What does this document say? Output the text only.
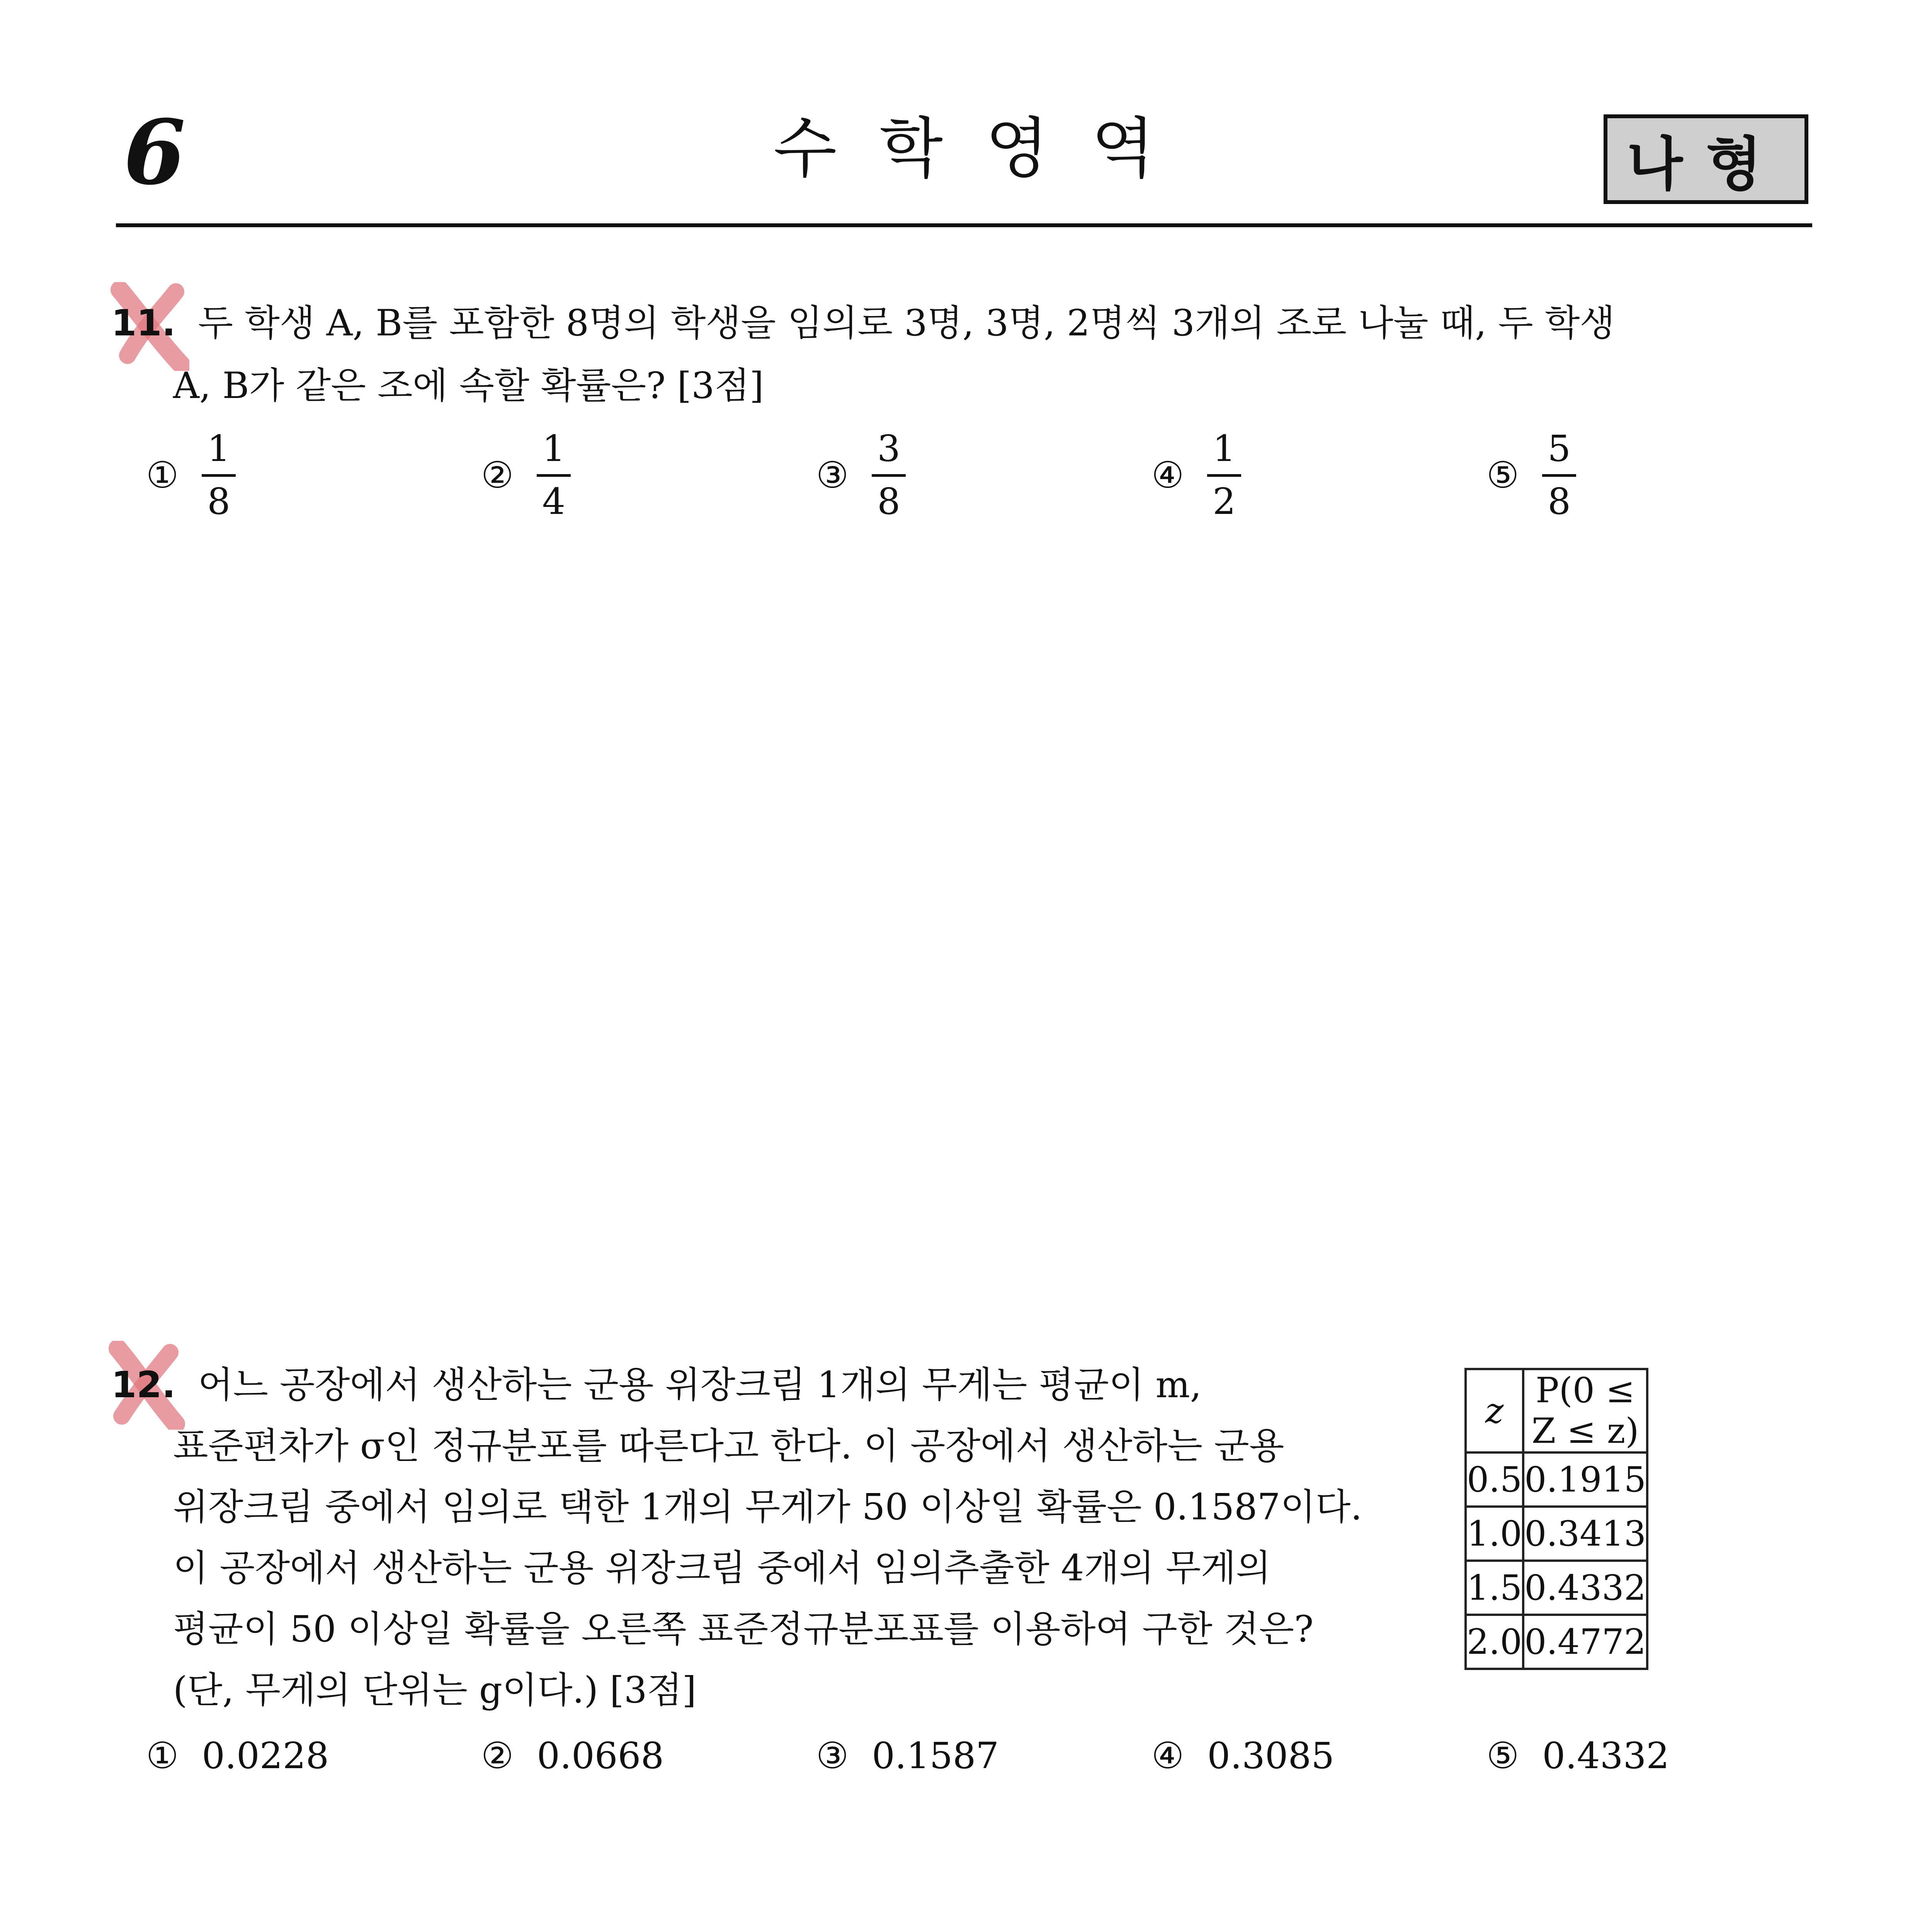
6	수학영역	나형
11. 두 학생 A, B를 포함한 8명의 학생을 임의로 3명, 3명, 2명씩 3개의 조로 나눌 때, 두 학생
A, B가 같은 조에 속할 확률은? [3점]
① $\frac{1}{8}$	② $\frac{1}{4}$	③ $\frac{3}{8}$	④ $\frac{1}{2}$	⑤ $\frac{5}{8}$
12. 어느 공장에서 생산하는 군용 위장크림 1개의 무게는 평균이 m,
표준편차가 σ인 정규분포를 따른다고 한다. 이 공장에서 생산하는 군용
위장크림 중에서 임의로 택한 1개의 무게가 50 이상일 확률은 0.1587이다.
이 공장에서 생산하는 군용 위장크림 중에서 임의추출한 4개의 무게의
평균이 50 이상일 확률을 오른쪽 표준정규분포표를 이용하여 구한 것은?
(단, 무게의 단위는 g이다.) [3점]
z	P(0 ≤ Z ≤ z)
0.5	0.1915
1.0	0.3413
1.5	0.4332
2.0	0.4772
① 0.0228	② 0.0668	③ 0.1587	④ 0.3085	⑤ 0.4332
